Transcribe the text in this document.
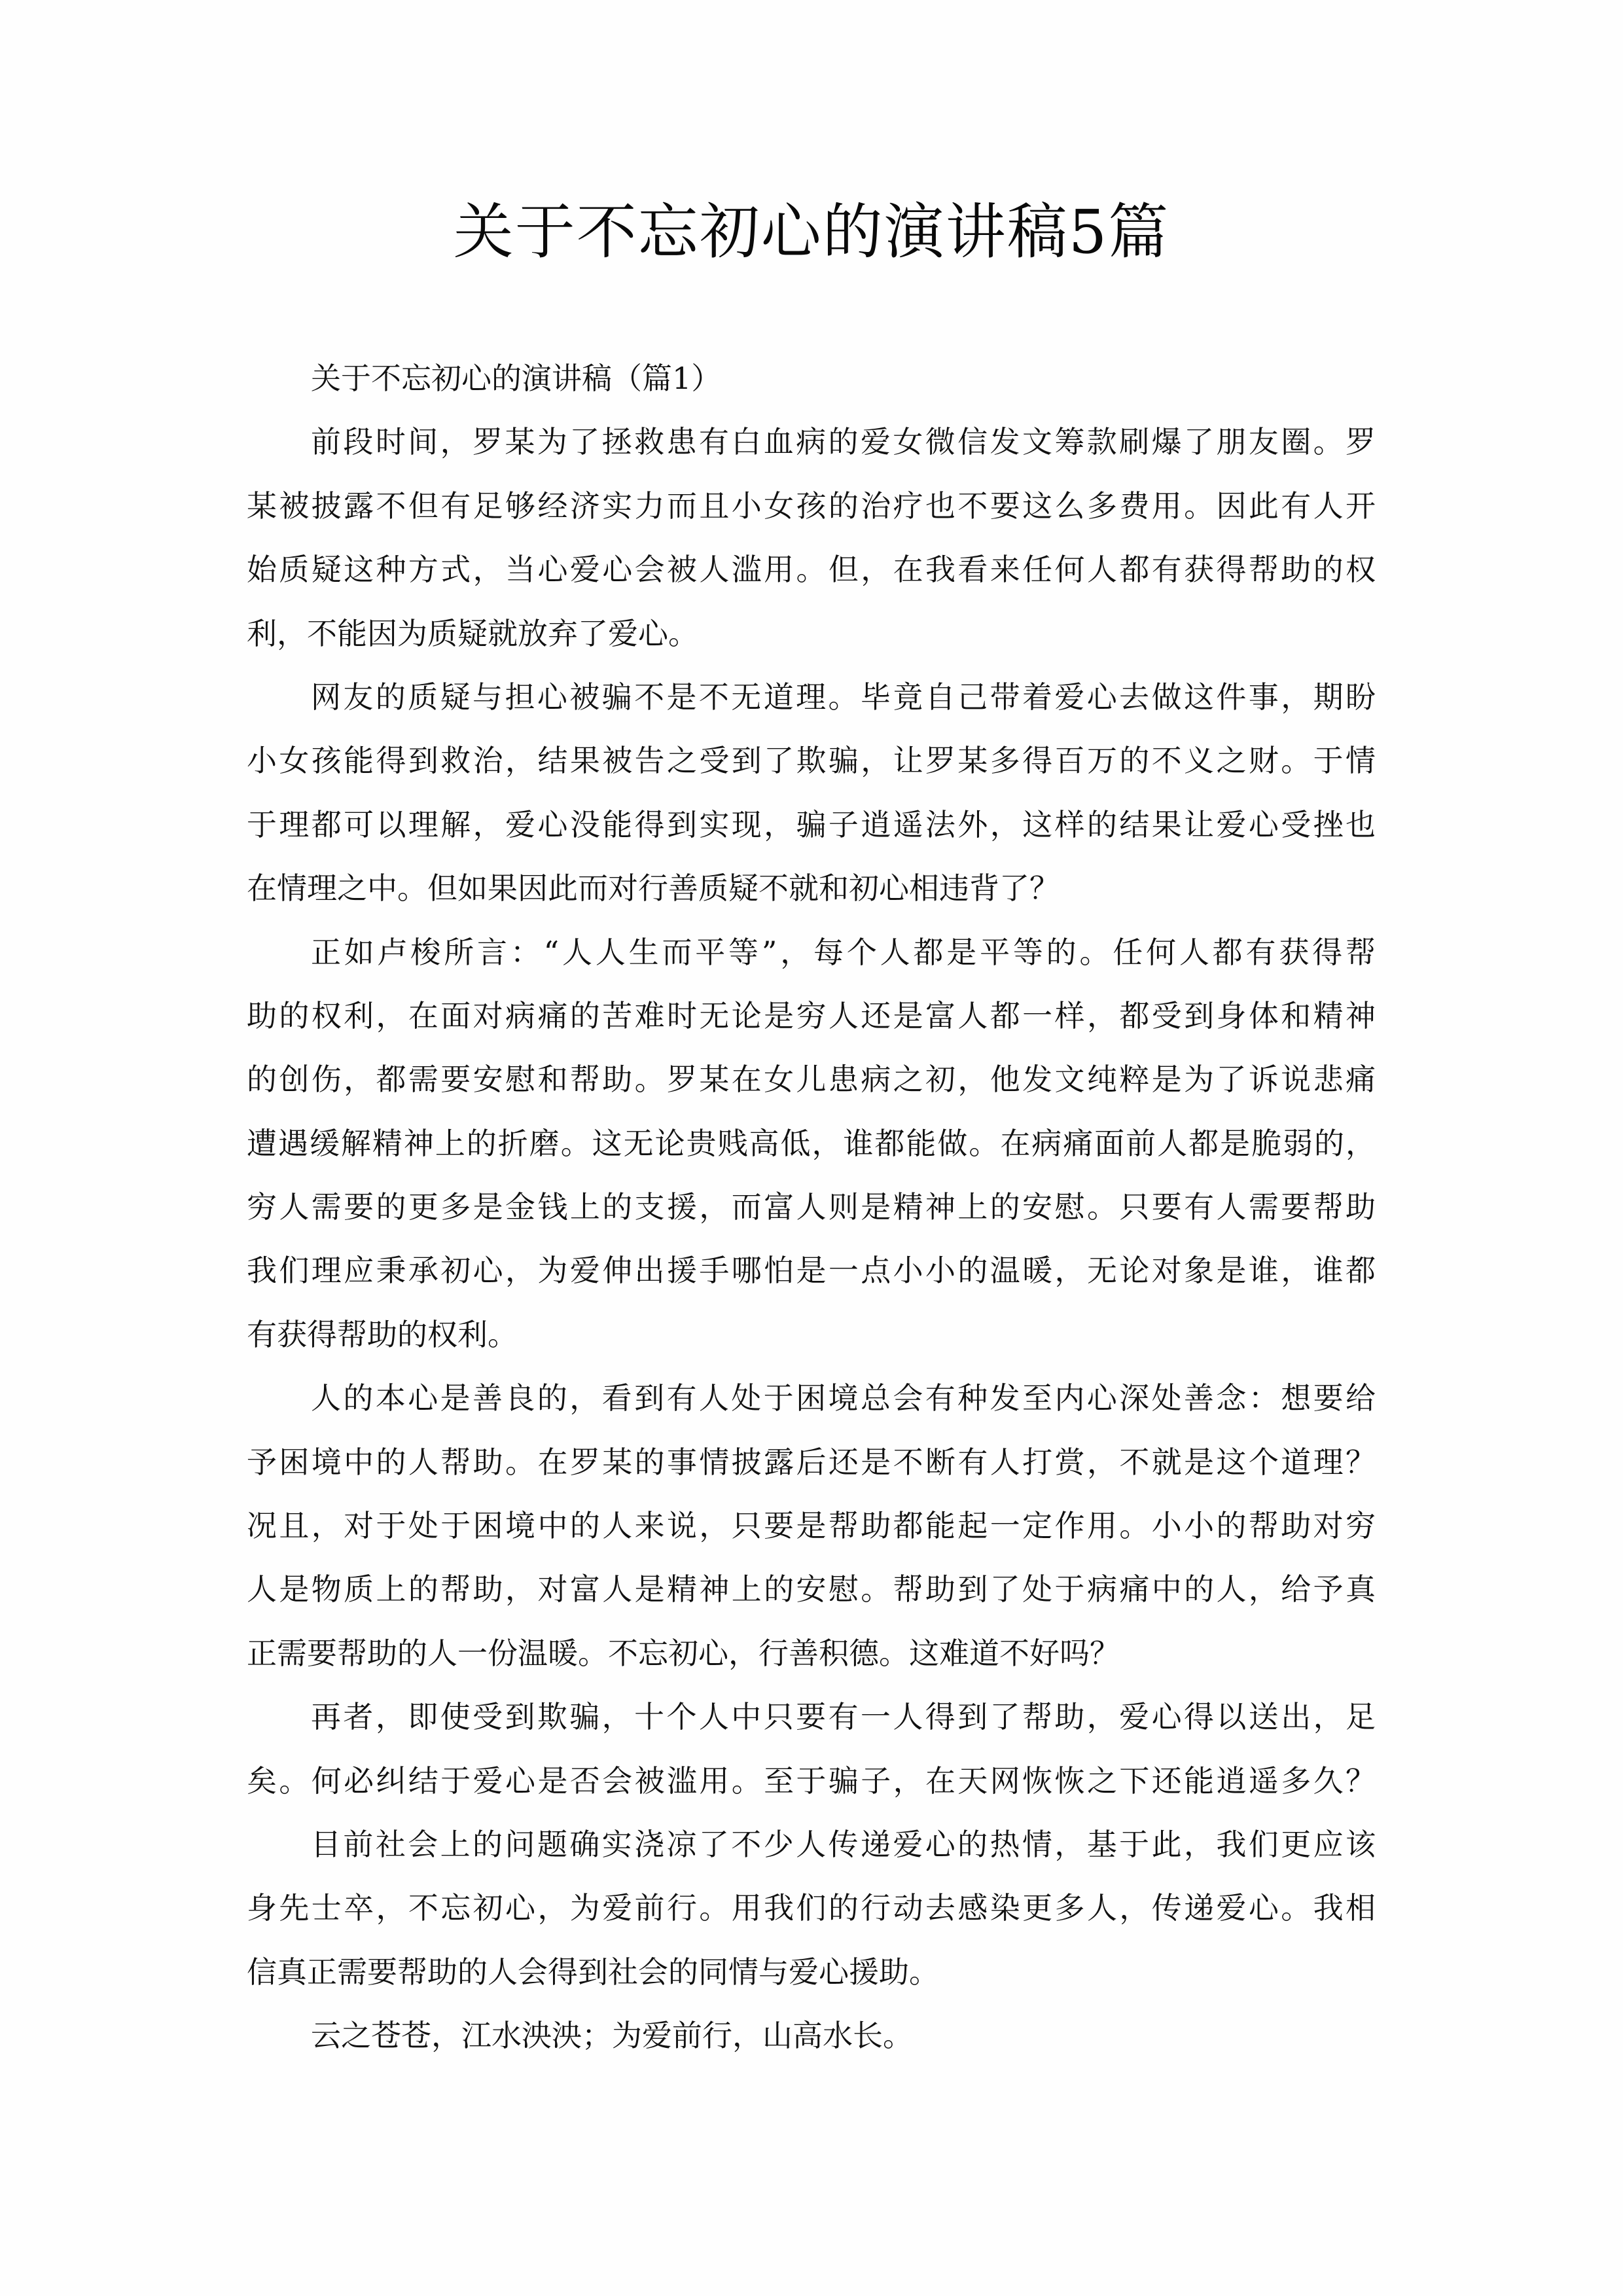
关于不忘初心的演讲稿5篇
关于不忘初心的演讲稿（篇1）
前段时间，罗某为了拯救患有白血病的爱女微信发文筹款刷爆了朋友圈。罗
某被披露不但有足够经济实力而且小女孩的治疗也不要这么多费用。因此有人开
始质疑这种方式，当心爱心会被人滥用。但，在我看来任何人都有获得帮助的权
利，不能因为质疑就放弃了爱心。
网友的质疑与担心被骗不是不无道理。毕竟自己带着爱心去做这件事，期盼
小女孩能得到救治，结果被告之受到了欺骗，让罗某多得百万的不义之财。于情
于理都可以理解，爱心没能得到实现，骗子逍遥法外，这样的结果让爱心受挫也
在情理之中。但如果因此而对行善质疑不就和初心相违背了？
正如卢梭所言：“人人生而平等”，每个人都是平等的。任何人都有获得帮
助的权利，在面对病痛的苦难时无论是穷人还是富人都一样，都受到身体和精神
的创伤，都需要安慰和帮助。罗某在女儿患病之初，他发文纯粹是为了诉说悲痛
遭遇缓解精神上的折磨。这无论贵贱高低，谁都能做。在病痛面前人都是脆弱的，
穷人需要的更多是金钱上的支援，而富人则是精神上的安慰。只要有人需要帮助
我们理应秉承初心，为爱伸出援手哪怕是一点小小的温暖，无论对象是谁，谁都
有获得帮助的权利。
人的本心是善良的，看到有人处于困境总会有种发至内心深处善念：想要给
予困境中的人帮助。在罗某的事情披露后还是不断有人打赏，不就是这个道理？
况且，对于处于困境中的人来说，只要是帮助都能起一定作用。小小的帮助对穷
人是物质上的帮助，对富人是精神上的安慰。帮助到了处于病痛中的人，给予真
正需要帮助的人一份温暖。不忘初心，行善积德。这难道不好吗？
再者，即使受到欺骗，十个人中只要有一人得到了帮助，爱心得以送出，足
矣。何必纠结于爱心是否会被滥用。至于骗子，在天网恢恢之下还能逍遥多久？
目前社会上的问题确实浇凉了不少人传递爱心的热情，基于此，我们更应该
身先士卒，不忘初心，为爱前行。用我们的行动去感染更多人，传递爱心。我相
信真正需要帮助的人会得到社会的同情与爱心援助。
云之苍苍，江水泱泱；为爱前行，山高水长。
